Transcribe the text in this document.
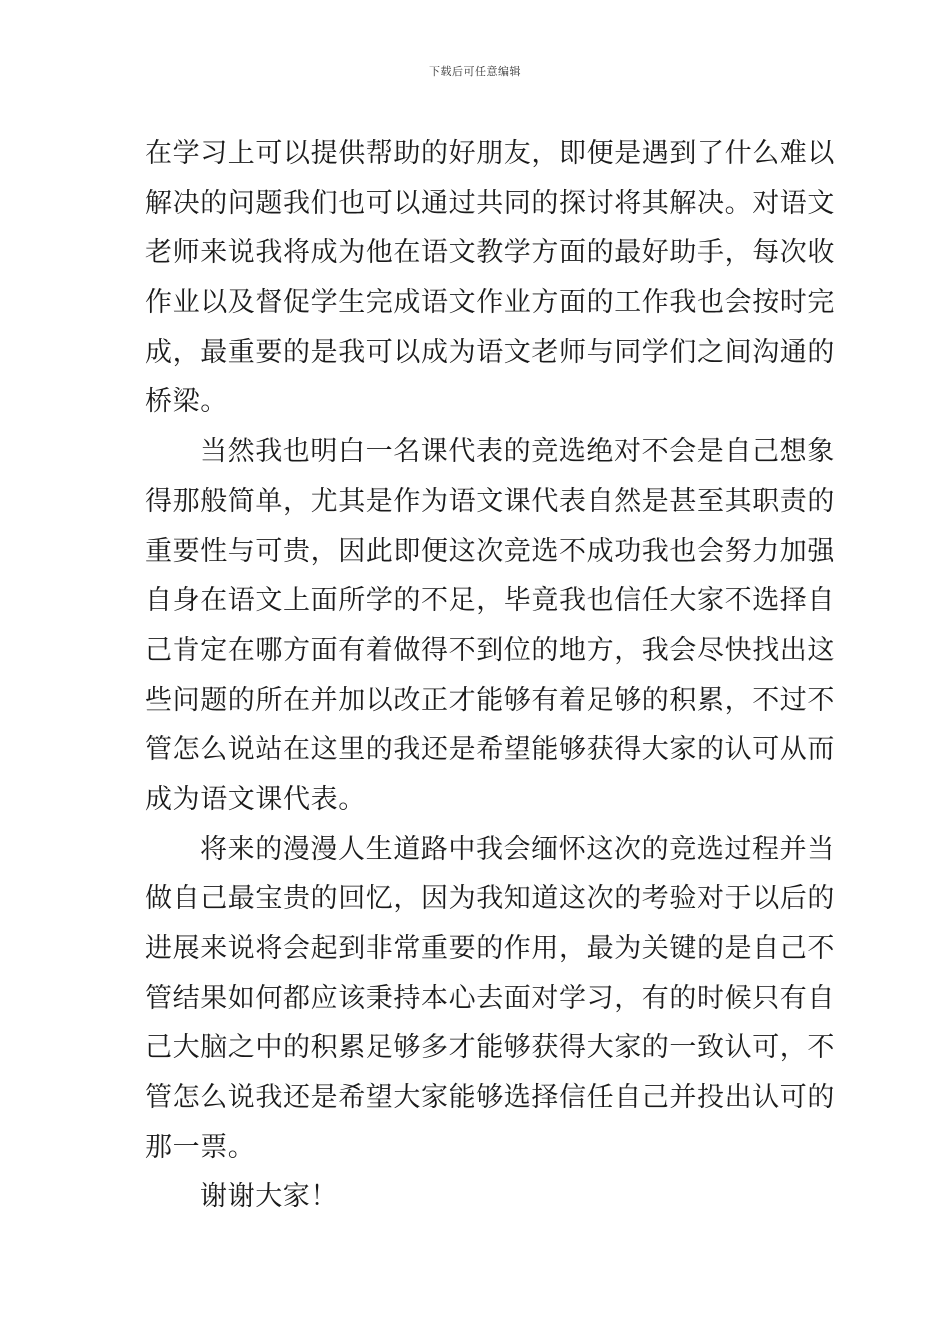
下载后可任意编辑
在学习上可以提供帮助的好朋友，即便是遇到了什么难以
解决的问题我们也可以通过共同的探讨将其解决。对语文
老师来说我将成为他在语文教学方面的最好助手，每次收
作业以及督促学生完成语文作业方面的工作我也会按时完
成，最重要的是我可以成为语文老师与同学们之间沟通的
桥梁。
当然我也明白一名课代表的竞选绝对不会是自己想象
得那般简单，尤其是作为语文课代表自然是甚至其职责的
重要性与可贵，因此即便这次竞选不成功我也会努力加强
自身在语文上面所学的不足，毕竟我也信任大家不选择自
己肯定在哪方面有着做得不到位的地方，我会尽快找出这
些问题的所在并加以改正才能够有着足够的积累，不过不
管怎么说站在这里的我还是希望能够获得大家的认可从而
成为语文课代表。
将来的漫漫人生道路中我会缅怀这次的竞选过程并当
做自己最宝贵的回忆，因为我知道这次的考验对于以后的
进展来说将会起到非常重要的作用，最为关键的是自己不
管结果如何都应该秉持本心去面对学习，有的时候只有自
己大脑之中的积累足够多才能够获得大家的一致认可，不
管怎么说我还是希望大家能够选择信任自己并投出认可的
那一票。
谢谢大家！
